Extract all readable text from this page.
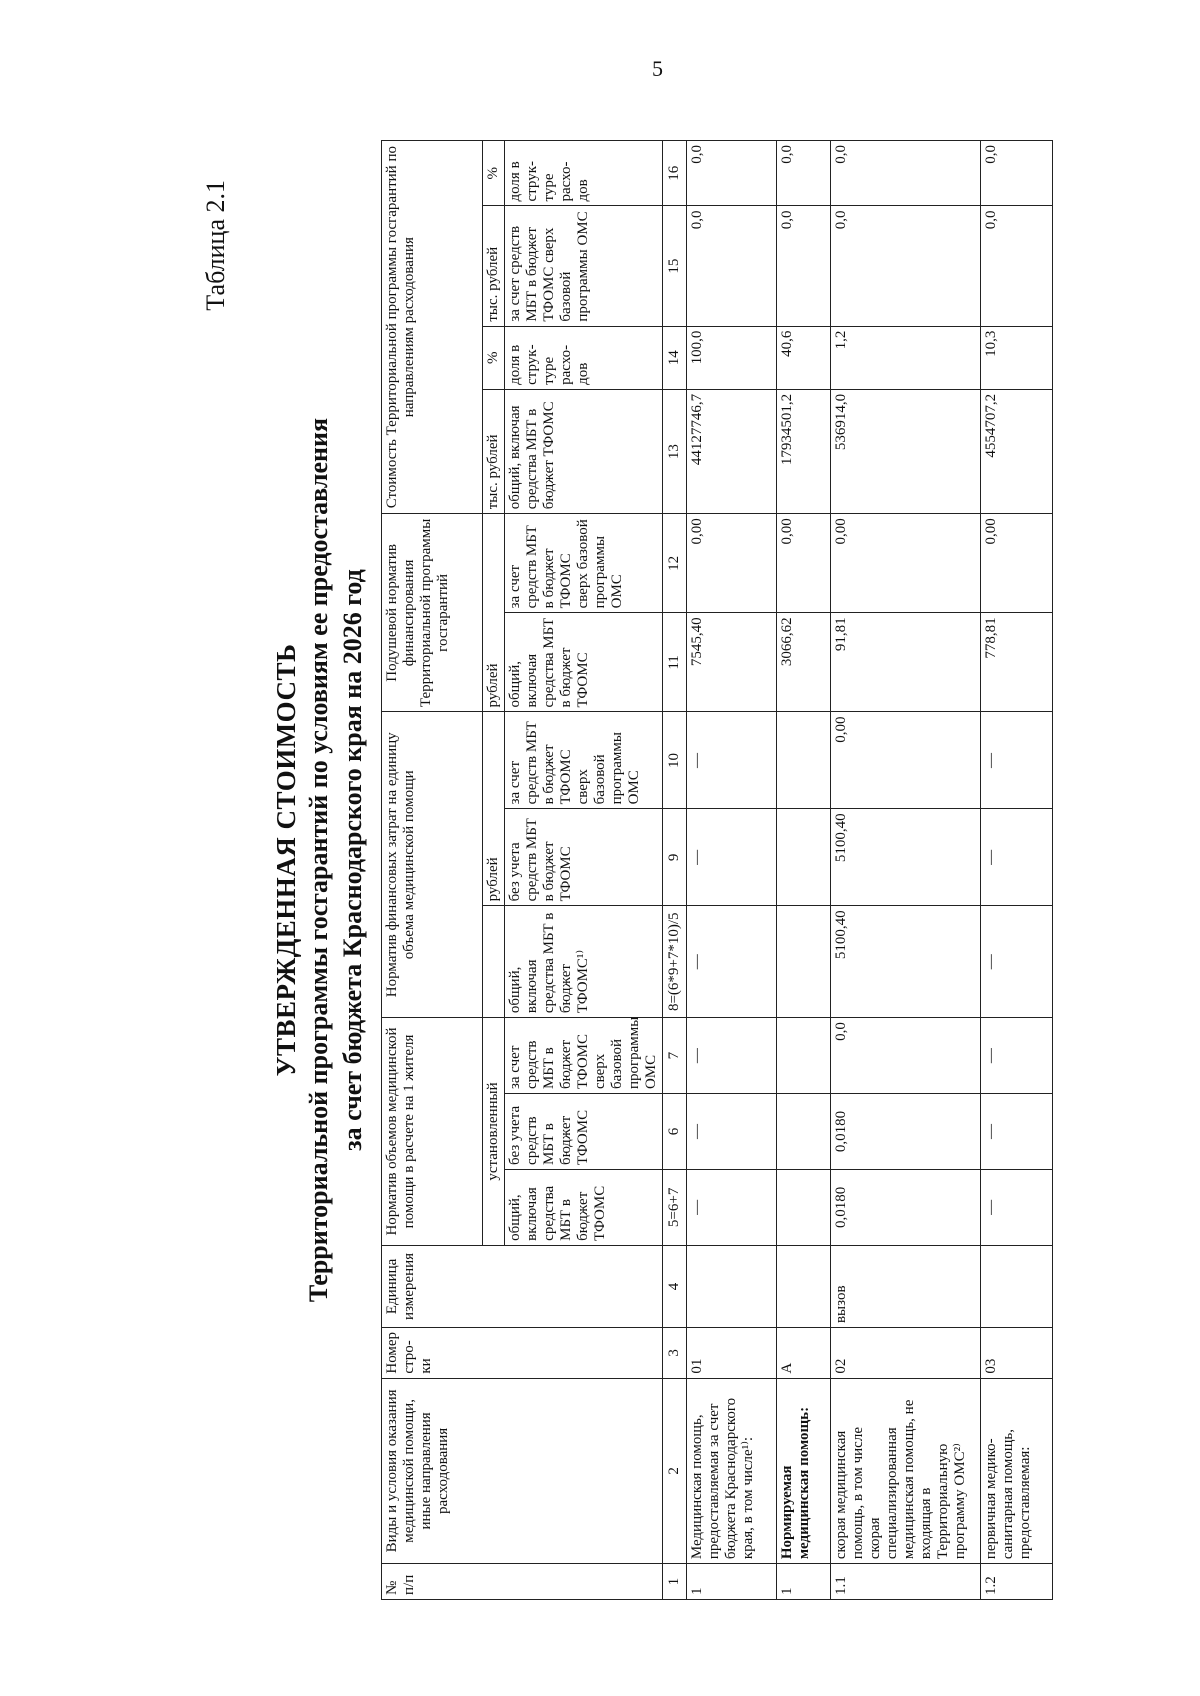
5
Таблица 2.1
УТВЕРЖДЕННАЯ СТОИМОСТЬ Территориальной программы госгарантий по условиям ее предоставления за счет бюджета Краснодарского края на 2026 год
№ п/п	Виды и условия оказания медицинской помощи, иные направления расходования	Номер стро-ки	Единица измерения	Норматив объемов медицинской помощи в расчете на 1 жителя			Норматив финансовых затрат на единицу объема медицинской помощи			Подушевой норматив финансирования Территориальной программы госгарантий		Стоимость Территориальной программы госгарантий по направлениям расходования			
				установленный				рублей		рублей		тыс. рублей	%	тыс. рублей	%
				общий, включая средства МБТ в бюджет ТФОМС	без учета средств МБТ в бюджет ТФОМС	за счет средств МБТ в бюджет ТФОМС сверх базовой программы ОМС	общий, включая средства МБТ в бюджет ТФОМС¹⁾	без учета средств МБТ в бюджет ТФОМС	за счет средств МБТ в бюджет ТФОМС сверх базовой программы ОМС	общий, включая средства МБТ в бюджет ТФОМС	за счет средств МБТ в бюджет ТФОМС сверх базовой программы ОМС	общий, включая средства МБТ в бюджет ТФОМС	доля в струк-туре расхо-дов	за счет средств МБТ в бюджет ТФОМС сверх базовой программы ОМС	доля в струк-туре расхо-дов
1	2	3	4	5=6+7	6	7	8=(6*9+7*10)/5	9	10	11	12	13	14	15	16
1	Медицинская помощь, предоставляемая за счет бюджета Краснодарского края, в том числе¹⁾:	01		—	—	—	—	—	—	7545,40	0,00	44127746,7	100,0	0,0	0,0
1	Нормируемая медицинская помощь:	А								3066,62	0,00	17934501,2	40,6	0,0	0,0
1.1	скорая медицинская помощь, в том числе скорая специализированная медицинская помощь, не входящая в Территориальную программу ОМС²⁾	02	вызов	0,0180	0,0180	0,0	5100,40	5100,40	0,00	91,81	0,00	536914,0	1,2	0,0	0,0
1.2	первичная медико-санитарная помощь, предоставляемая:	03		—	—	—	—	—	—	778,81	0,00	4554707,2	10,3	0,0	0,0
